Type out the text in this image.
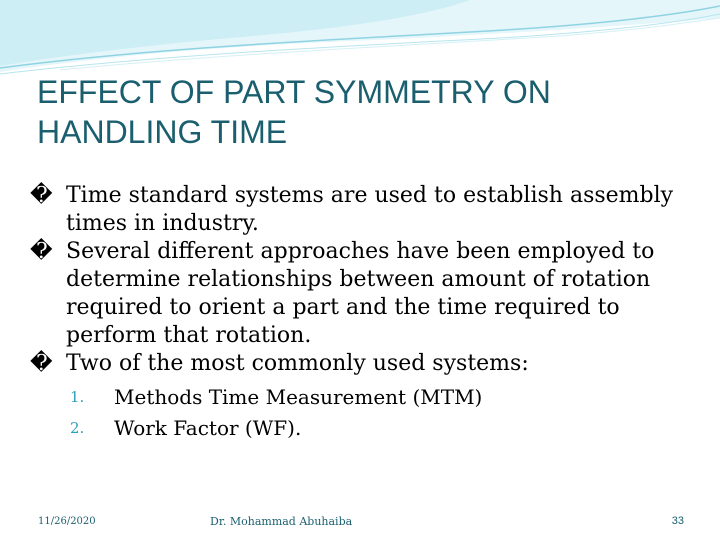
EFFECT OF PART SYMMETRY ON HANDLING TIME

� Time standard systems are used to establish assembly times in industry.

� Several different approaches have been employed to determine relationships between amount of rotation required to orient a part and the time required to perform that rotation.

� Two of the most commonly used systems:

1. Methods Time Measurement (MTM)
2. Work Factor (WF).
11/26/2020	Dr. Mohammad Abuhaiba	33
